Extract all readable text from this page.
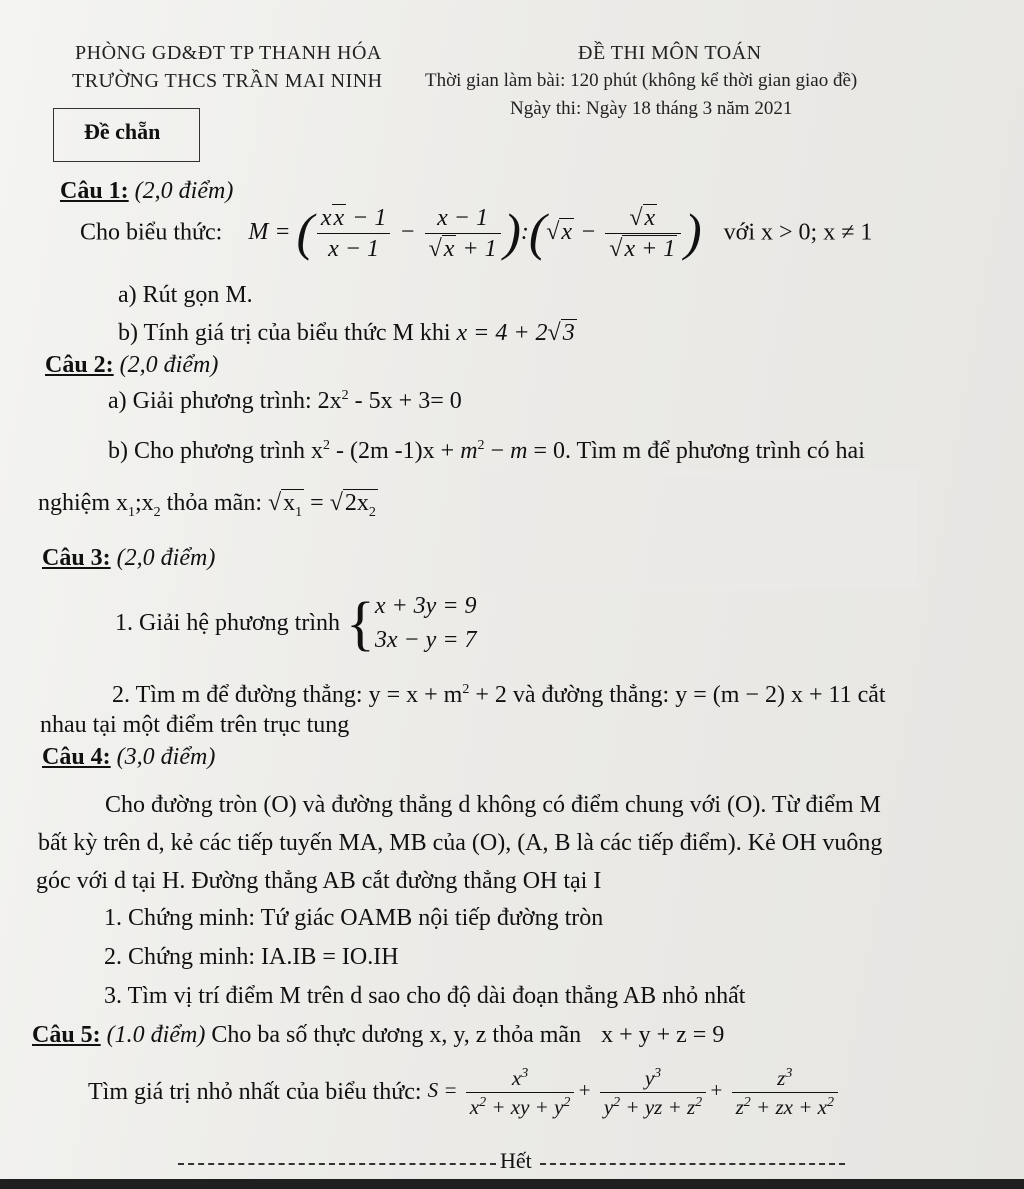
PHÒNG GD&ĐT TP THANH HÓA
TRƯỜNG THCS TRẦN MAI NINH
ĐỀ THI MÔN TOÁN
Thời gian làm bài: 120 phút (không kể thời gian giao đề)
Ngày thi: Ngày 18 tháng 3 năm 2021
Đề chẵn
Câu 1: (2,0 điểm)
Cho biểu thức: M = ( $\frac{xx - 1}{x - 1} - \frac{x - 1}{√x + 1}$ ):(√x − $\frac{√x}{√x + 1}$ ) với x > 0; x ≠ 1
a) Rút gọn M.
b) Tính giá trị của biểu thức M khi x = 4 + 2√3
Câu 2: (2,0 điểm)
a) Giải phương trình: $2x^2 - 5x + 3= 0$
b) Cho phương trình $x^2 - (2m$ $-1)x + m^2 - m = 0$. Tìm m để phương trình có hai
nghiệm $x_1;x_2$ thỏa mãn: $√x_1 = √2x_2$
Câu 3: (2,0 điểm)
1. Giải hệ phương trình {x + 3y = 9
3x − y = 7
2. Tìm m để đường thẳng: $y = x + m^2 + 2$ và đường thẳng: y = (m − 2) x + 11 cắt
nhau tại một điểm trên trục tung
Câu 4: (3,0 điểm)
Cho đường tròn (O) và đường thẳng d không có điểm chung với (O). Từ điểm M
bất kỳ trên d, kẻ các tiếp tuyến MA, MB của (O), (A, B là các tiếp điểm). Kẻ OH vuông
góc với d tại H. Đường thẳng AB cắt đường thẳng OH tại I
1. Chứng minh: Tứ giác OAMB nội tiếp đường tròn
2. Chứng minh: IA.IB = IO.IH
3. Tìm vị trí điểm M trên d sao cho độ dài đoạn thẳng AB nhỏ nhất
Câu 5: (1.0 điểm) Cho ba số thực dương x, y, z thỏa mãn x + y + z = 9
Tìm giá trị nhỏ nhất của biểu thức: $S = \frac{x^3}{x^2 + xy + y^2} + \frac{y^3}{y^2 + yz + z^2} + \frac{z^3}{z^2 + zx + x^2}$
Hết
